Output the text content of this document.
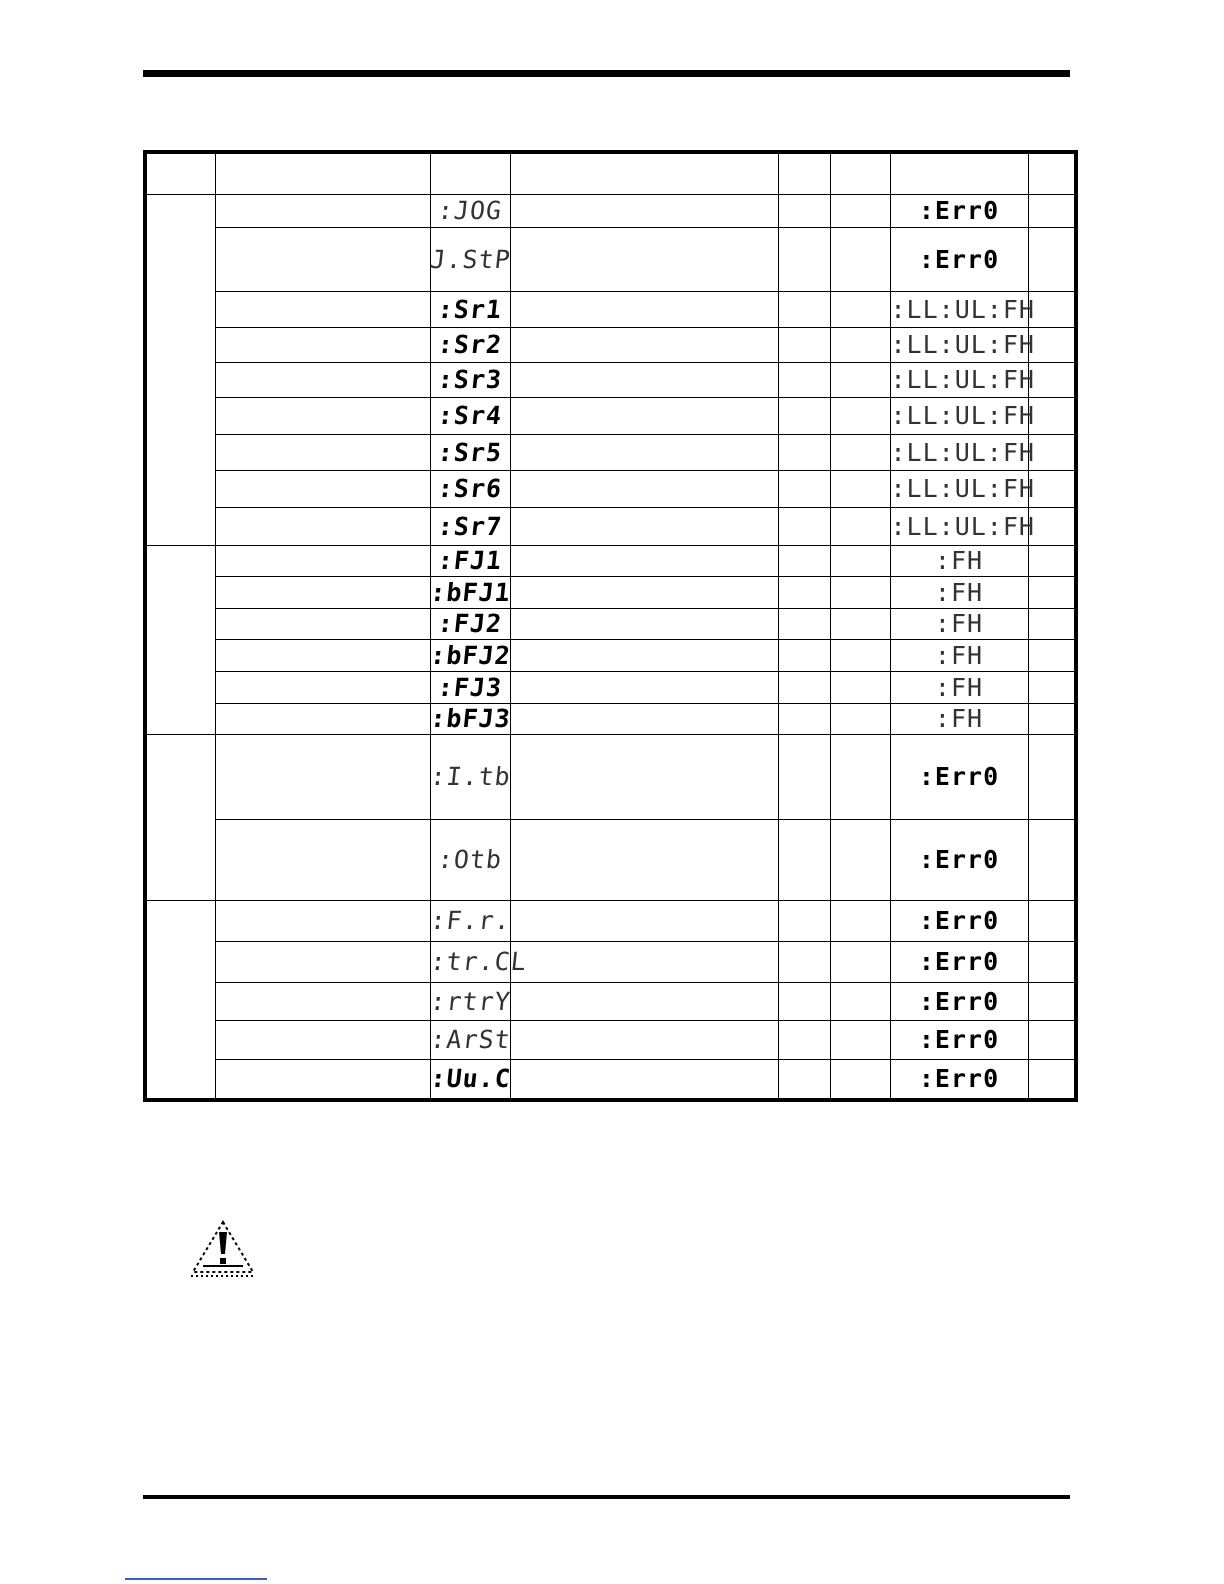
		:JOG				:Err0	
		J.StP				:Err0	
		:Sr1				:LL:UL:FH	
		:Sr2				:LL:UL:FH	
		:Sr3				:LL:UL:FH	
		:Sr4				:LL:UL:FH	
		:Sr5				:LL:UL:FH	
		:Sr6				:LL:UL:FH	
		:Sr7				:LL:UL:FH	
		:FJ1				:FH	
		:bFJ1				:FH	
		:FJ2				:FH	
		:bFJ2				:FH	
		:FJ3				:FH	
		:bFJ3				:FH	
		:I.tb				:Err0	
		:Otb				:Err0	
		:F.r.				:Err0	
		:tr.CL				:Err0	
		:rtrY				:Err0	
		:ArSt				:Err0	
		:Uu.C				:Err0	
